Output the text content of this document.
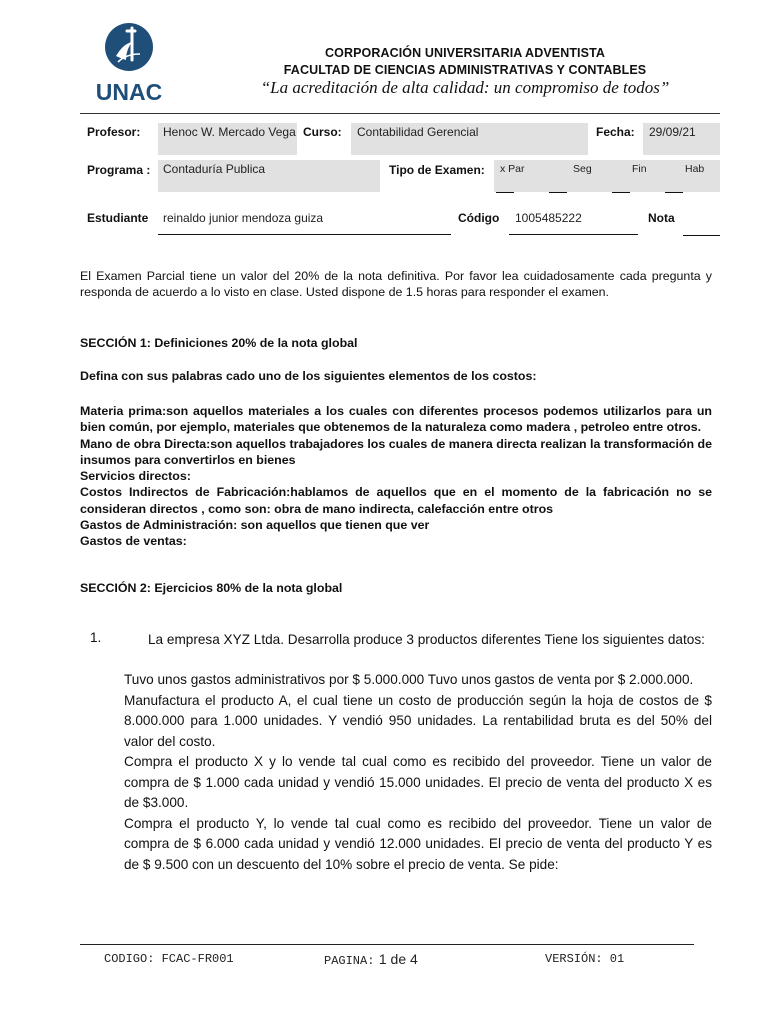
UNAC
CORPORACIÓN UNIVERSITARIA ADVENTISTA
FACULTAD DE CIENCIAS ADMINISTRATIVAS Y CONTABLES
“La acreditación de alta calidad: un compromiso de todos”
Profesor:	Henoc W. Mercado Vega Curso:	Contabilidad Gerencial	Fecha:	29/09/21
Programa :	Contaduría Publica	Tipo de Examen: x Par	Seg	Fin	Hab
Estudiante	reinaldo junior mendoza guiza	Código	1005485222	Nota
El Examen Parcial tiene un valor del 20% de la nota definitiva. Por favor lea cuidadosamente cada pregunta y responda de acuerdo a lo visto en clase. Usted dispone de 1.5 horas para responder el examen.
SECCIÓN 1: Definiciones 20% de la nota global
Defina con sus palabras cado uno de los siguientes elementos de los costos:
Materia prima:son aquellos materiales a los cuales con diferentes procesos podemos utilizarlos para un bien común, por ejemplo, materiales que obtenemos de la naturaleza como madera , petroleo entre otros.
Mano de obra Directa:son aquellos trabajadores los cuales de manera directa realizan la transformación de insumos para convertirlos en bienes
Servicios directos:
Costos Indirectos de Fabricación:hablamos de aquellos que en el momento de la fabricación no se consideran directos , como son: obra de mano indirecta, calefacción entre otros
Gastos de Administración: son aquellos que tienen que ver
Gastos de ventas:
SECCIÓN 2: Ejercicios 80% de la nota global
1.	La empresa XYZ Ltda. Desarrolla produce 3 productos diferentes Tiene los siguientes datos:
Tuvo unos gastos administrativos por $ 5.000.000 Tuvo unos gastos de venta por $ 2.000.000.
Manufactura el producto A, el cual tiene un costo de producción según la hoja de costos de $ 8.000.000 para 1.000 unidades. Y vendió 950 unidades. La rentabilidad bruta es del 50% del valor del costo.
Compra el producto X y lo vende tal cual como es recibido del proveedor. Tiene un valor de compra de $ 1.000 cada unidad y vendió 15.000 unidades. El precio de venta del producto X es de $3.000.
Compra el producto Y, lo vende tal cual como es recibido del proveedor. Tiene un valor de compra de $ 6.000 cada unidad y vendió 12.000 unidades. El precio de venta del producto Y es de $ 9.500 con un descuento del 10% sobre el precio de venta. Se pide:
CODIGO: FCAC-FR001	PAGINA: 1 de 4	VERSIÓN: 01
